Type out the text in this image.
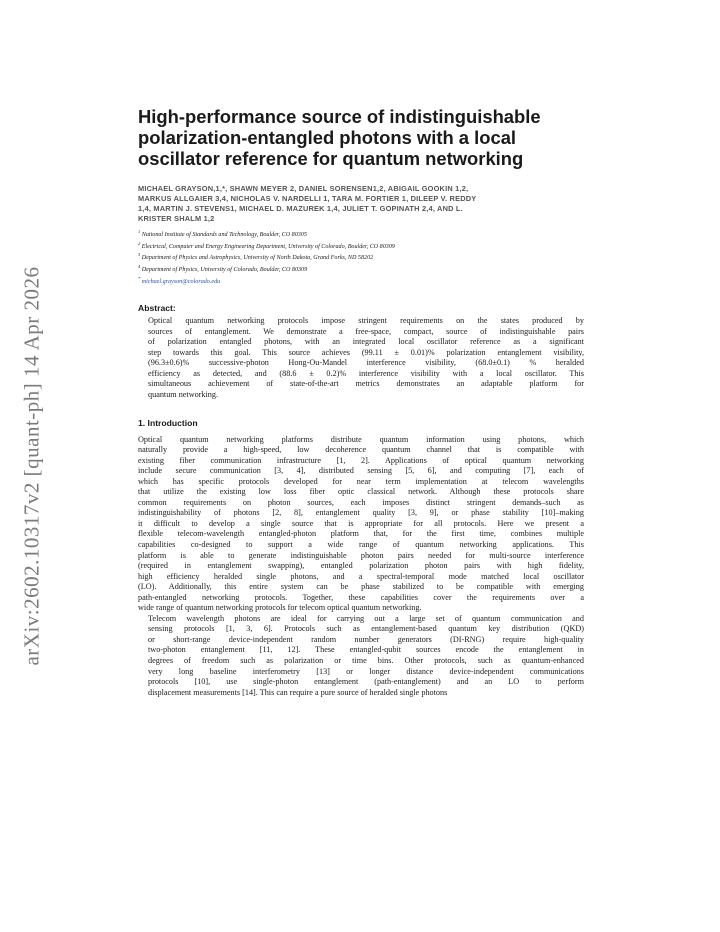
arXiv:2602.10317v2 [quant-ph] 14 Apr 2026
High-performance source of indistinguishable
polarization-entangled photons with a local
oscillator reference for quantum networking
MICHAEL GRAYSON,1,*, SHAWN MEYER 2, DANIEL SORENSEN1,2, ABIGAIL GOOKIN 1,2,
MARKUS ALLGAIER 3,4, NICHOLAS V. NARDELLI 1, TARA M. FORTIER 1, DILEEP V. REDDY
1,4, MARTIN J. STEVENS1, MICHAEL D. MAZUREK 1,4, JULIET T. GOPINATH 2,4, AND L.
KRISTER SHALM 1,2
$^1$ National Institute of Standards and Technology, Boulder, CO 80305
$^2$ Electrical, Computer and Energy Engineering Department, University of Colorado, Boulder, CO 80309
$^3$ Department of Physics and Astrophysics, University of North Dakota, Grand Forks, ND 58202
$^4$ Department of Physics, University of Colorado, Boulder, CO 80309
* michael.grayson@colorado.edu
Abstract:

Optical quantum networking protocols impose stringent requirements on the states produced by
sources of entanglement. We demonstrate a free-space, compact, source of indistinguishable pairs
of polarization entangled photons, with an integrated local oscillator reference as a significant
step towards this goal. This source achieves (99.11 ± 0.01)% polarization entanglement visibility,
(96.3±0.6)% successive-photon Hong-Ou-Mandel interference visibility, (68.0±0.1) % heralded
efficiency as detected, and (88.6 ± 0.2)% interference visibility with a local oscillator. This
simultaneous achievement of state-of-the-art metrics demonstrates an adaptable platform for
quantum networking.

1. Introduction

Optical quantum networking platforms distribute quantum information using photons, which
naturally provide a high-speed, low decoherence quantum channel that is compatible with
existing fiber communication infrastructure [1, 2]. Applications of optical quantum networking
include secure communication [3, 4], distributed sensing [5, 6], and computing [7], each of
which has specific protocols developed for near term implementation at telecom wavelengths
that utilize the existing low loss fiber optic classical network. Although these protocols share
common requirements on photon sources, each imposes distinct stringent demands–such as
indistinguishability of photons [2, 8], entanglement quality [3, 9], or phase stability [10]–making
it difficult to develop a single source that is appropriate for all protocols. Here we present a
flexible telecom-wavelength entangled-photon platform that, for the first time, combines multiple
capabilities co-designed to support a wide range of quantum networking applications. This
platform is able to generate indistinguishable photon pairs needed for multi-source interference
(required in entanglement swapping), entangled polarization photon pairs with high fidelity,
high efficiency heralded single photons, and a spectral-temporal mode matched local oscillator
(LO). Additionally, this entire system can be phase stabilized to be compatible with emerging
path-entangled networking protocols. Together, these capabilities cover the requirements over a
wide range of quantum networking protocols for telecom optical quantum networking.

Telecom wavelength photons are ideal for carrying out a large set of quantum communication and
sensing protocols [1, 3, 6]. Protocols such as entanglement-based quantum key distribution (QKD)
or short-range device-independent random number generators (DI-RNG) require high-quality
two-photon entanglement [11, 12]. These entangled-qubit sources encode the entanglement in
degrees of freedom such as polarization or time bins. Other protocols, such as quantum-enhanced
very long baseline interferometry [13] or longer distance device-independent communications
protocols [10], use single-photon entanglement (path-entanglement) and an LO to perform
displacement measurements [14]. This can require a pure source of heralded single photons
